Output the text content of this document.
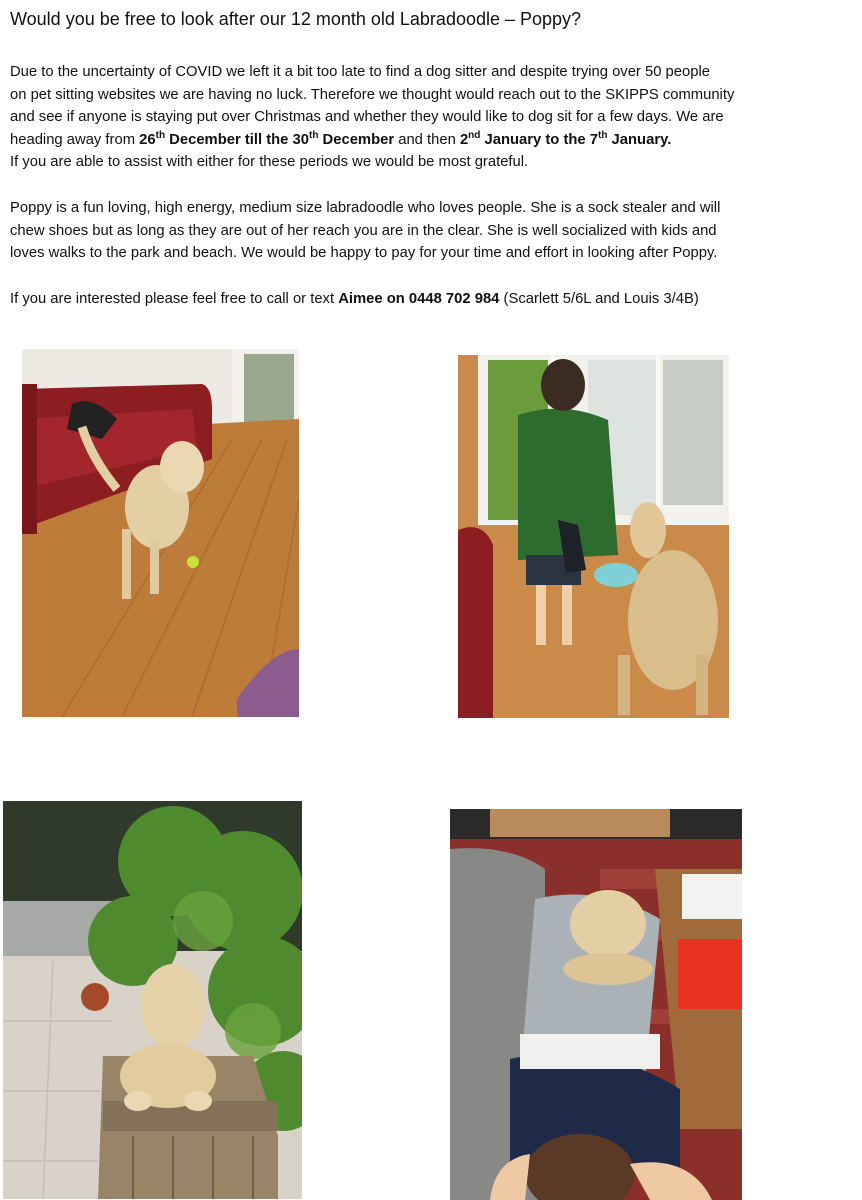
Would you be free to look after our 12 month old Labradoodle – Poppy?

Due to the uncertainty of COVID we left it a bit too late to find a dog sitter and despite trying over 50 people
on pet sitting websites we are having no luck. Therefore we thought would reach out to the SKIPPS community
and see if anyone is staying put over Christmas and whether they would like to dog sit for a few days. We are
heading away from 26th December till the 30th December and then 2nd January to the 7th January.
If you are able to assist with either for these periods we would be most grateful.

Poppy is a fun loving, high energy, medium size labradoodle who loves people. She is a sock stealer and will
chew shoes but as long as they are out of her reach you are in the clear. She is well socialized with kids and
loves walks to the park and beach. We would be happy to pay for your time and effort in looking after Poppy.

If you are interested please feel free to call or text Aimee on 0448 702 984 (Scarlett 5/6L and Louis 3/4B)
